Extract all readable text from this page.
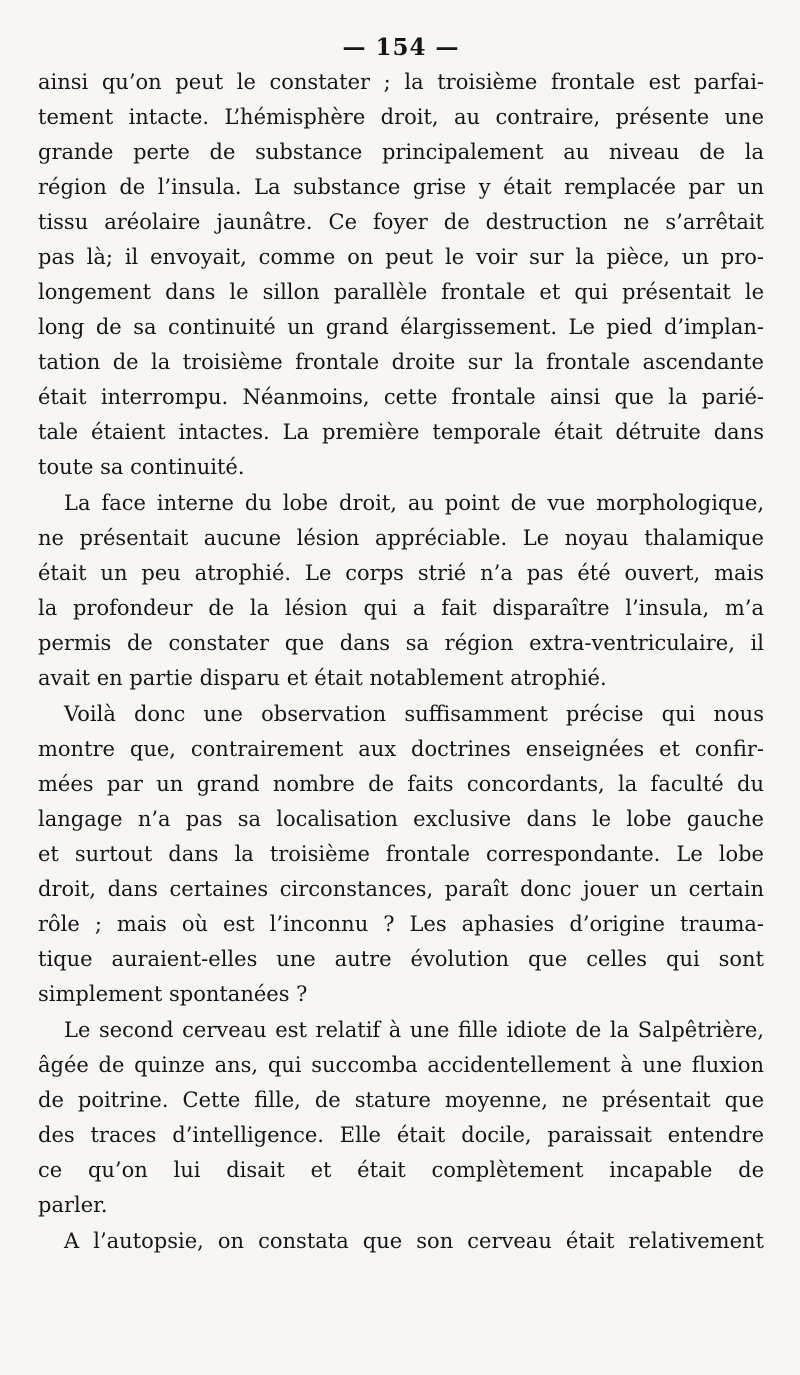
— 154 —
ainsi qu’on peut le constater ; la troisième frontale est parfai-
tement intacte. L’hémisphère droit, au contraire, présente une
grande perte de substance principalement au niveau de la
région de l’insula. La substance grise y était remplacée par un
tissu aréolaire jaunâtre. Ce foyer de destruction ne s’arrêtait
pas là; il envoyait, comme on peut le voir sur la pièce, un pro-
longement dans le sillon parallèle frontale et qui présentait le
long de sa continuité un grand élargissement. Le pied d’implan-
tation de la troisième frontale droite sur la frontale ascendante
était interrompu. Néanmoins, cette frontale ainsi que la parié-
tale étaient intactes. La première temporale était détruite dans
toute sa continuité.
La face interne du lobe droit, au point de vue morphologique,
ne présentait aucune lésion appréciable. Le noyau thalamique
était un peu atrophié. Le corps strié n’a pas été ouvert, mais
la profondeur de la lésion qui a fait disparaître l’insula, m’a
permis de constater que dans sa région extra-ventriculaire, il
avait en partie disparu et était notablement atrophié.
Voilà donc une observation suffisamment précise qui nous
montre que, contrairement aux doctrines enseignées et confir-
mées par un grand nombre de faits concordants, la faculté du
langage n’a pas sa localisation exclusive dans le lobe gauche
et surtout dans la troisième frontale correspondante. Le lobe
droit, dans certaines circonstances, paraît donc jouer un certain
rôle ; mais où est l’inconnu ? Les aphasies d’origine trauma-
tique auraient-elles une autre évolution que celles qui sont
simplement spontanées ?
Le second cerveau est relatif à une fille idiote de la Salpêtrière,
âgée de quinze ans, qui succomba accidentellement à une fluxion
de poitrine. Cette fille, de stature moyenne, ne présentait que
des traces d’intelligence. Elle était docile, paraissait entendre
ce qu’on lui disait et était complètement incapable de
parler.
A l’autopsie, on constata que son cerveau était relativement
